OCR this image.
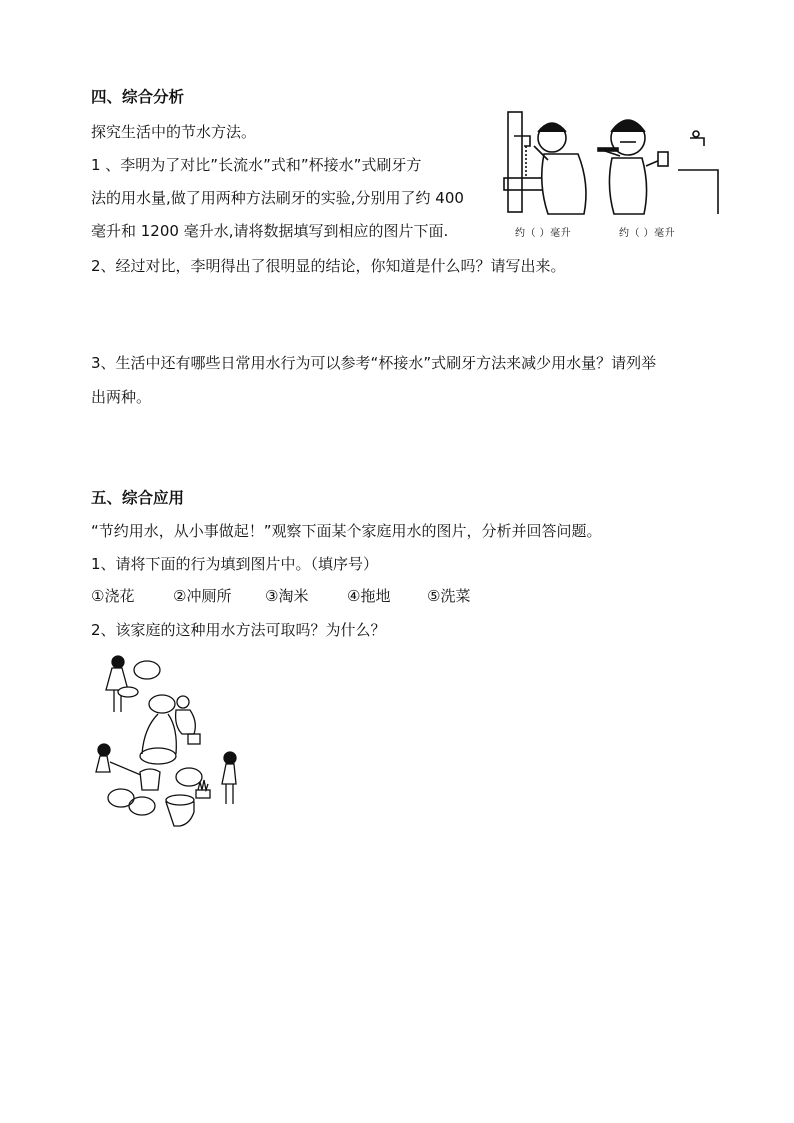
四、综合分析
探究生活中的节水方法。
1 、李明为了对比”长流水”式和”杯接水”式刷牙方
法的用水量,做了用两种方法刷牙的实验,分别用了约 400
毫升和 1200 毫升水,请将数据填写到相应的图片下面.	约（ ）毫升	约（ ）毫升
2、经过对比，李明得出了很明显的结论，你知道是什么吗？请写出来。
3、生活中还有哪些日常用水行为可以参考“杯接水”式刷牙方法来减少用水量？请列举
出两种。
五、综合应用
“节约用水，从小事做起！”观察下面某个家庭用水的图片，分析并回答问题。
1、请将下面的行为填到图片中。（填序号）
①浇花	②冲厕所 ③淘米	④拖地 ⑤洗菜
2、该家庭的这种用水方法可取吗？为什么？
